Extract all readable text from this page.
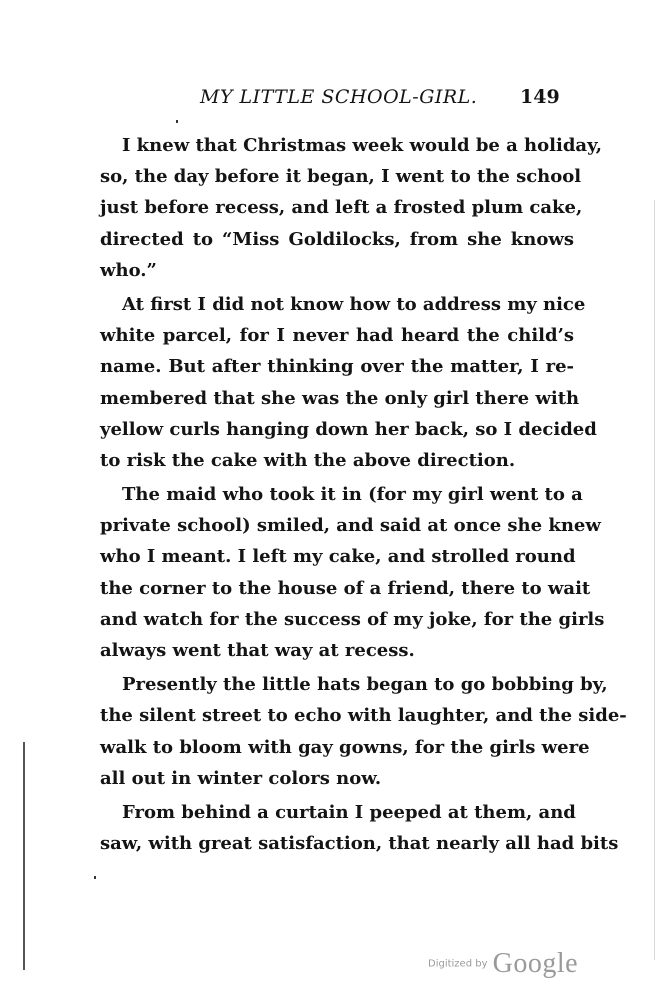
MY LITTLE SCHOOL-GIRL. 149
I knew that Christmas week would be a holiday,
so, the day before it began, I went to the school
just before recess, and left a frosted plum cake,
directed to “Miss Goldilocks, from she knows
who.”
At first I did not know how to address my nice
white parcel, for I never had heard the child’s
name. But after thinking over the matter, I re-
membered that she was the only girl there with
yellow curls hanging down her back, so I decided
to risk the cake with the above direction.
The maid who took it in (for my girl went to a
private school) smiled, and said at once she knew
who I meant. I left my cake, and strolled round
the corner to the house of a friend, there to wait
and watch for the success of my joke, for the girls
always went that way at recess.
Presently the little hats began to go bobbing by,
the silent street to echo with laughter, and the side-
walk to bloom with gay gowns, for the girls were
all out in winter colors now.
From behind a curtain I peeped at them, and
saw, with great satisfaction, that nearly all had bits
Digitized by Google
